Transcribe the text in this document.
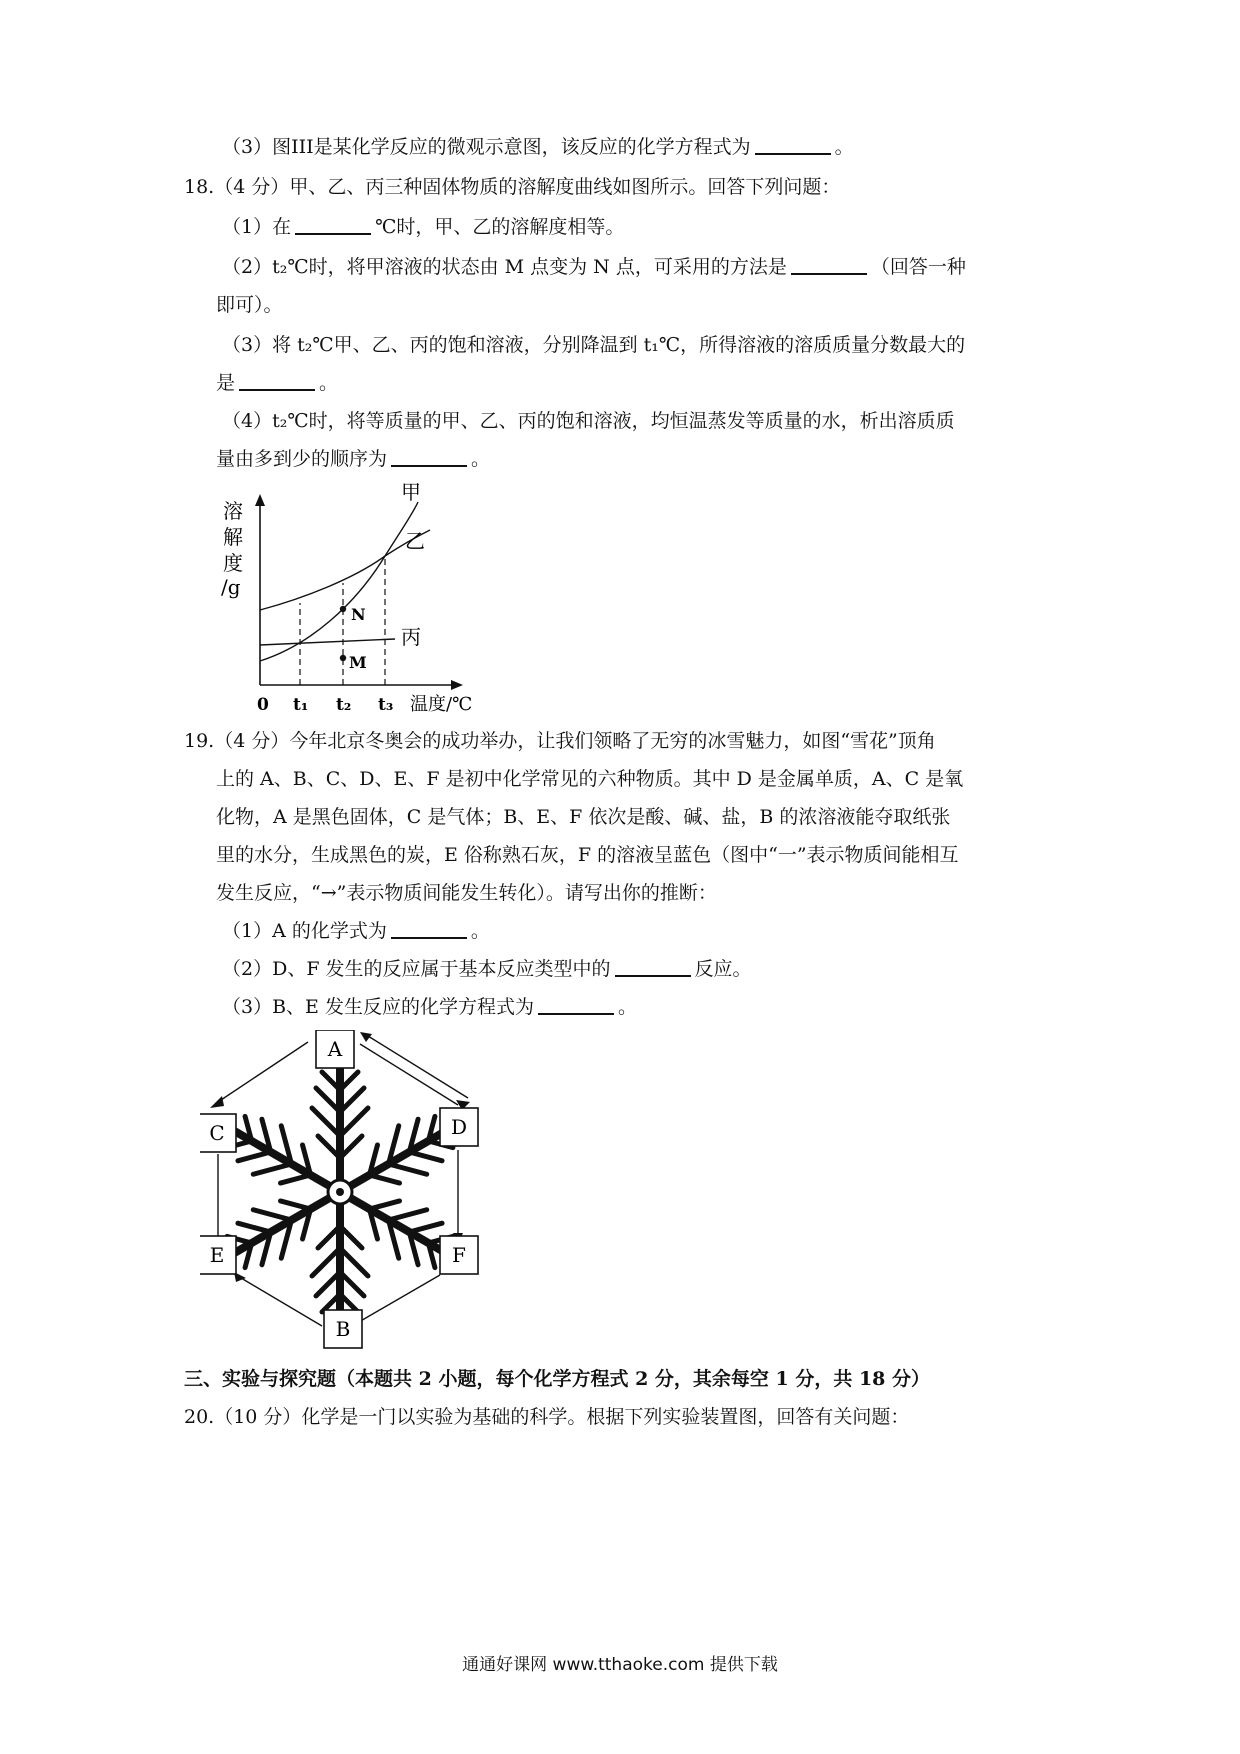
（3）图III是某化学反应的微观示意图，该反应的化学方程式为	。
18.（4 分）甲、乙、丙三种固体物质的溶解度曲线如图所示。回答下列问题：
（1）在	℃时，甲、乙的溶解度相等。
（2）t₂℃时，将甲溶液的状态由 M 点变为 N 点，可采用的方法是	（回答一种
即可）。
（3）将 t₂℃甲、乙、丙的饱和溶液，分别降温到 t₁℃，所得溶液的溶质质量分数最大的
是	。
（4）t₂℃时，将等质量的甲、乙、丙的饱和溶液，均恒温蒸发等质量的水，析出溶质质
量由多到少的顺序为	。
溶
解
度
/g
甲
乙
丙
N
M
0 t₁ t₂ t₃ 温度/℃
19.（4 分）今年北京冬奥会的成功举办，让我们领略了无穷的冰雪魅力，如图“雪花”顶角
上的 A、B、C、D、E、F 是初中化学常见的六种物质。其中 D 是金属单质，A、C 是氧
化物，A 是黑色固体，C 是气体；B、E、F 依次是酸、碱、盐，B 的浓溶液能夺取纸张
里的水分，生成黑色的炭，E 俗称熟石灰，F 的溶液呈蓝色（图中“一”表示物质间能相互
发生反应，“→”表示物质间能发生转化）。请写出你的推断：
（1）A 的化学式为	。
（2）D、F 发生的反应属于基本反应类型中的	反应。
（3）B、E 发生反应的化学方程式为	。
A
C	D
E	F
B
三、实验与探究题（本题共 2 小题，每个化学方程式 2 分，其余每空 1 分，共 18 分）
20.（10 分）化学是一门以实验为基础的科学。根据下列实验装置图，回答有关问题：
通通好课网 www.tthaoke.com 提供下载
